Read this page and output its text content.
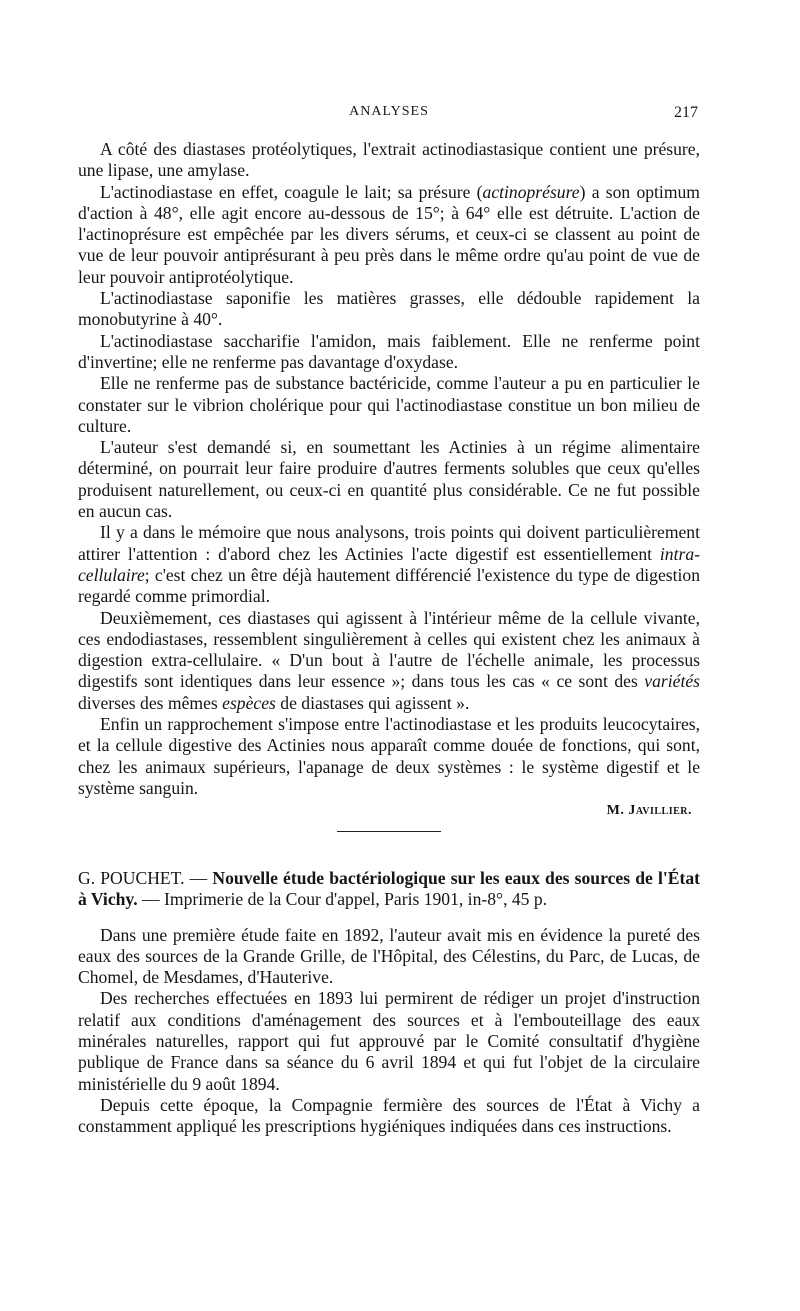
ANALYSES	217

A côté des diastases protéolytiques, l'extrait actinodiastasique contient une présure, une lipase, une amylase.

L'actinodiastase en effet, coagule le lait; sa présure (actinoprésure) a son optimum d'action à 48°, elle agit encore au-dessous de 15°; à 64° elle est détruite. L'action de l'actinoprésure est empêchée par les divers sérums, et ceux-ci se classent au point de vue de leur pouvoir antiprésurant à peu près dans le même ordre qu'au point de vue de leur pouvoir antiprotéolytique.

L'actinodiastase saponifie les matières grasses, elle dédouble rapidement la monobutyrine à 40°.

L'actinodiastase saccharifie l'amidon, mais faiblement. Elle ne renferme point d'invertine; elle ne renferme pas davantage d'oxydase.

Elle ne renferme pas de substance bactéricide, comme l'auteur a pu en particulier le constater sur le vibrion cholérique pour qui l'actinodiastase constitue un bon milieu de culture.

L'auteur s'est demandé si, en soumettant les Actinies à un régime alimentaire déterminé, on pourrait leur faire produire d'autres ferments solubles que ceux qu'elles produisent naturellement, ou ceux-ci en quantité plus considérable. Ce ne fut possible en aucun cas.

Il y a dans le mémoire que nous analysons, trois points qui doivent particulièrement attirer l'attention : d'abord chez les Actinies l'acte digestif est essentiellement intra-cellulaire; c'est chez un être déjà hautement différencié l'existence du type de digestion regardé comme primordial.

Deuxièmement, ces diastases qui agissent à l'intérieur même de la cellule vivante, ces endodiastases, ressemblent singulièrement à celles qui existent chez les animaux à digestion extra-cellulaire. « D'un bout à l'autre de l'échelle animale, les processus digestifs sont identiques dans leur essence »; dans tous les cas « ce sont des variétés diverses des mêmes espèces de diastases qui agissent ».

Enfin un rapprochement s'impose entre l'actinodiastase et les produits leucocytaires, et la cellule digestive des Actinies nous apparaît comme douée de fonctions, qui sont, chez les animaux supérieurs, l'apanage de deux systèmes : le système digestif et le système sanguin.

M. Javillier.

G. POUCHET. — Nouvelle étude bactériologique sur les eaux des sources de l'État à Vichy. — Imprimerie de la Cour d'appel, Paris 1901, in-8°, 45 p.

Dans une première étude faite en 1892, l'auteur avait mis en évidence la pureté des eaux des sources de la Grande Grille, de l'Hôpital, des Célestins, du Parc, de Lucas, de Chomel, de Mesdames, d'Hauterive.

Des recherches effectuées en 1893 lui permirent de rédiger un projet d'instruction relatif aux conditions d'aménagement des sources et à l'embouteillage des eaux minérales naturelles, rapport qui fut approuvé par le Comité consultatif d'hygiène publique de France dans sa séance du 6 avril 1894 et qui fut l'objet de la circulaire ministérielle du 9 août 1894.

Depuis cette époque, la Compagnie fermière des sources de l'État à Vichy a constamment appliqué les prescriptions hygiéniques indiquées dans ces instructions.
